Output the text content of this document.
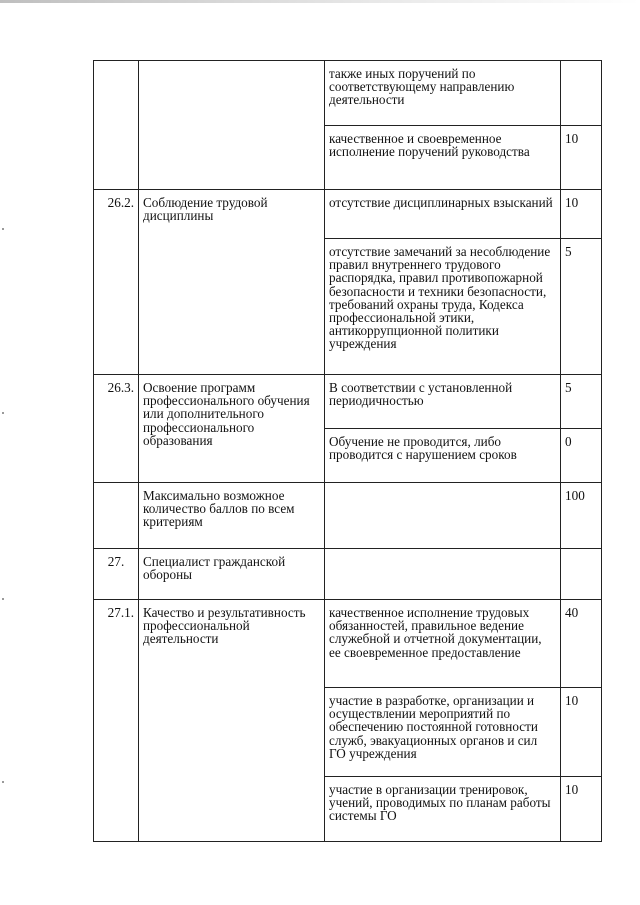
		также иных поручений по соответствующему направлению деятельности	
		качественное и своевременное исполнение поручений руководства	10
26.2.	Соблюдение трудовой дисциплины	отсутствие дисциплинарных взысканий	10
		отсутствие замечаний за несоблюдение правил внутреннего трудового распорядка, правил противопожарной безопасности и техники безопасности, требований охраны труда, Кодекса профессиональной этики, антикоррупционной политики учреждения	5
26.3.	Освоение программ профессионального обучения или дополнительного профессионального образования	В соответствии с установленной периодичностью	5
		Обучение не проводится, либо проводится с нарушением сроков	0
	Максимально возможное количество баллов по всем критериям		100
27.	Специалист гражданской обороны		
27.1.	Качество и результативность профессиональной деятельности	качественное исполнение трудовых обязанностей, правильное ведение служебной и отчетной документации, ее своевременное предоставление	40
		участие в разработке, организации и осуществлении мероприятий по обеспечению постоянной готовности служб, эвакуационных органов и сил ГО учреждения	10
		участие в организации тренировок, учений, проводимых по планам работы системы ГО	10
